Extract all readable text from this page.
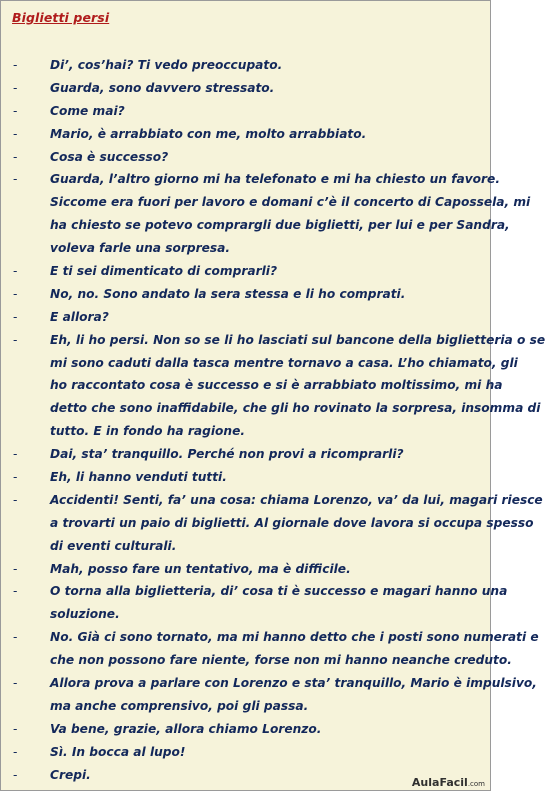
Biglietti persi
-	Di’, cos’hai? Ti vedo preoccupato.
-	Guarda, sono davvero stressato.
-	Come mai?
-	Mario, è arrabbiato con me, molto arrabbiato.
-	Cosa è successo?
-	Guarda, l’altro giorno mi ha telefonato e mi ha chiesto un favore.
Siccome era fuori per lavoro e domani c’è il concerto di Capossela, mi
ha chiesto se potevo comprargli due biglietti, per lui e per Sandra,
voleva farle una sorpresa.
-	E ti sei dimenticato di comprarli?
-	No, no. Sono andato la sera stessa e li ho comprati.
-	E allora?
-	Eh, li ho persi. Non so se li ho lasciati sul bancone della biglietteria o se
mi sono caduti dalla tasca mentre tornavo a casa. L’ho chiamato, gli
ho raccontato cosa è successo e si è arrabbiato moltissimo, mi ha
detto che sono inaffidabile, che gli ho rovinato la sorpresa, insomma di
tutto. E in fondo ha ragione.
-	Dai, sta’ tranquillo. Perché non provi a ricomprarli?
-	Eh, li hanno venduti tutti.
-	Accidenti! Senti, fa’ una cosa: chiama Lorenzo, va’ da lui, magari riesce
a trovarti un paio di biglietti. Al giornale dove lavora si occupa spesso
di eventi culturali.
-	Mah, posso fare un tentativo, ma è difficile.
-	O torna alla biglietteria, di’ cosa ti è successo e magari hanno una
soluzione.
-	No. Già ci sono tornato, ma mi hanno detto che i posti sono numerati e
che non possono fare niente, forse non mi hanno neanche creduto.
-	Allora prova a parlare con Lorenzo e sta’ tranquillo, Mario è impulsivo,
ma anche comprensivo, poi gli passa.
-	Va bene, grazie, allora chiamo Lorenzo.
-	Sì. In bocca al lupo!
-	Crepi.
AulaFacil.com
